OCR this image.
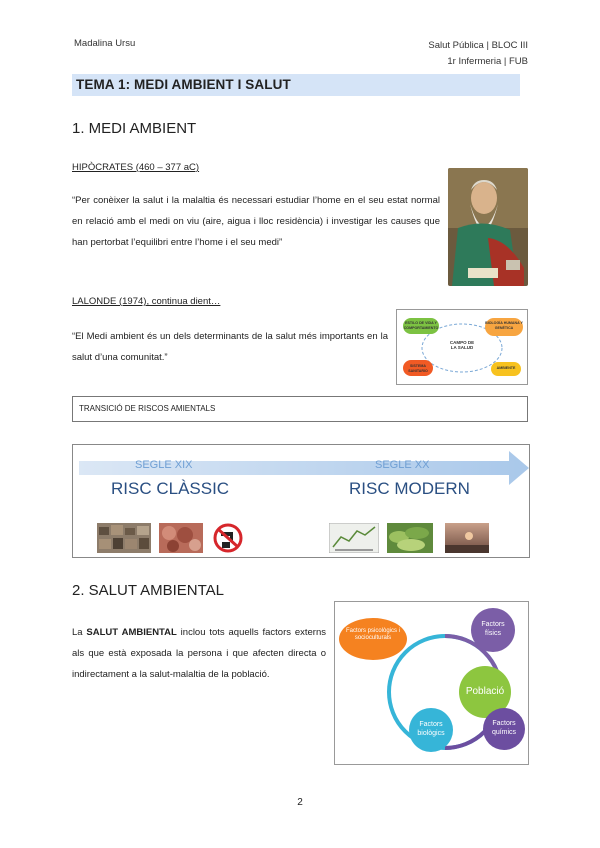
Madalina Ursu	Salut Pública | BLOC III
1r Infermeria | FUB
TEMA 1: MEDI AMBIENT I SALUT
1. MEDI AMBIENT
HIPÒCRATES (460 – 377 aC)
“Per conèixer la salut i la malaltia és necessari estudiar l’home en el seu estat normal en relació amb el medi on viu (aire, aigua i lloc residència) i investigar les causes que han pertorbat l’equilibri entre l’home i el seu medi”
LALONDE (1974), continua dient…
“El Medi ambient és un dels determinants de la salut més importants en la salut d’una comunitat.”
CAMPO DE LA SALUD
ESTILO DE VIDA Y COMPORTAMIENTO
BIOLOGÍA HUMANA Y GENÉTICA
SISTEMA SANITARIO
AMBIENTE
TRANSICIÓ DE RISCOS AMIENTALS
SEGLE XIX
RISC CLÀSSIC
SEGLE XX
RISC MODERN
2. SALUT AMBIENTAL
La SALUT AMBIENTAL inclou tots aquells factors externs als que està exposada la persona i que afecten directa o indirectament a la salut-malaltia de la població.
Factors psicològics i socioculturals
Factors físics
Població
Factors biològics
Factors químics
2
